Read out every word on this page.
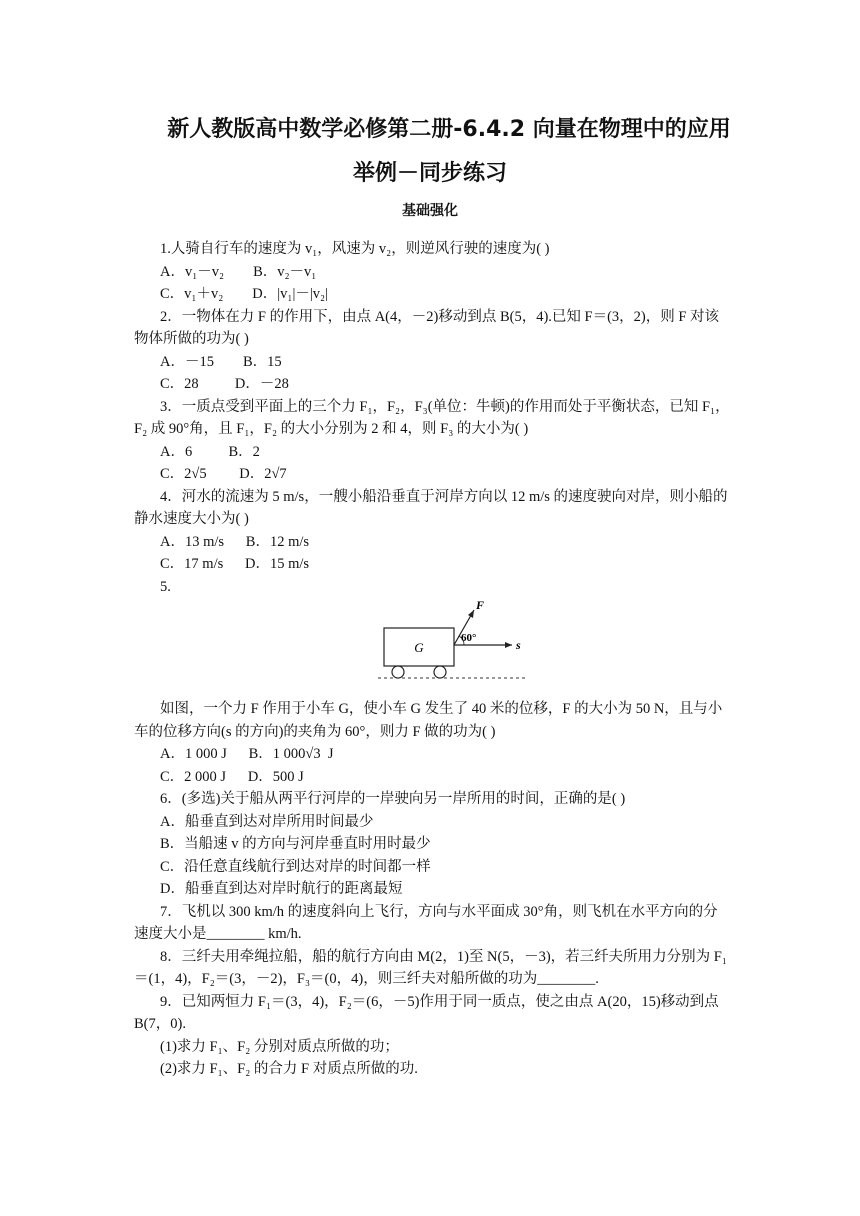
新人教版高中数学必修第二册-6.4.2 向量在物理中的应用
举例－同步练习
基础强化

1.人骑自行车的速度为 v₁，风速为 v₂，则逆风行驶的速度为( )

A．v₁－v₂        B．v₂－v₁

C．v₁＋v₂        D．|v₁|－|v₂|

2．一物体在力 F 的作用下，由点 A(4，－2)移动到点 B(5，4).已知 F＝(3，2)，则 F 对该物体所做的功为( )

A．－15        B．15

C．28          D．－28

3．一质点受到平面上的三个力 F₁，F₂，F₃(单位：牛顿)的作用而处于平衡状态，已知 F₁，F₂ 成 90°角，且 F₁，F₂ 的大小分别为 2 和 4，则 F₃ 的大小为( )

A．6          B．2

C．2√5         D．2√7

4．河水的流速为 5 m/s，一艘小船沿垂直于河岸方向以 12 m/s 的速度驶向对岸，则小船的静水速度大小为( )

A．13 m/s      B．12 m/s

C．17 m/s      D．15 m/s

5.

G	s
F
60°

如图，一个力 F 作用于小车 G，使小车 G 发生了 40 米的位移，F 的大小为 50 N，且与小车的位移方向(s 的方向)的夹角为 60°，则力 F 做的功为( )

A．1 000 J      B．1 000√3  J

C．2 000 J      D．500 J

6．(多选)关于船从两平行河岸的一岸驶向另一岸所用的时间，正确的是( )

A．船垂直到达对岸所用时间最少

B．当船速 v 的方向与河岸垂直时用时最少

C．沿任意直线航行到达对岸的时间都一样

D．船垂直到达对岸时航行的距离最短

7．飞机以 300 km/h 的速度斜向上飞行，方向与水平面成 30°角，则飞机在水平方向的分速度大小是________ km/h.

8．三纤夫用牵绳拉船，船的航行方向由 M(2，1)至 N(5，－3)，若三纤夫所用力分别为 F₁＝(1，4)，F₂＝(3，－2)，F₃＝(0，4)，则三纤夫对船所做的功为________.

9．已知两恒力 F₁＝(3，4)，F₂＝(6，－5)作用于同一质点，使之由点 A(20，15)移动到点 B(7，0).

(1)求力 F₁、F₂ 分别对质点所做的功；

(2)求力 F₁、F₂ 的合力 F 对质点所做的功.
